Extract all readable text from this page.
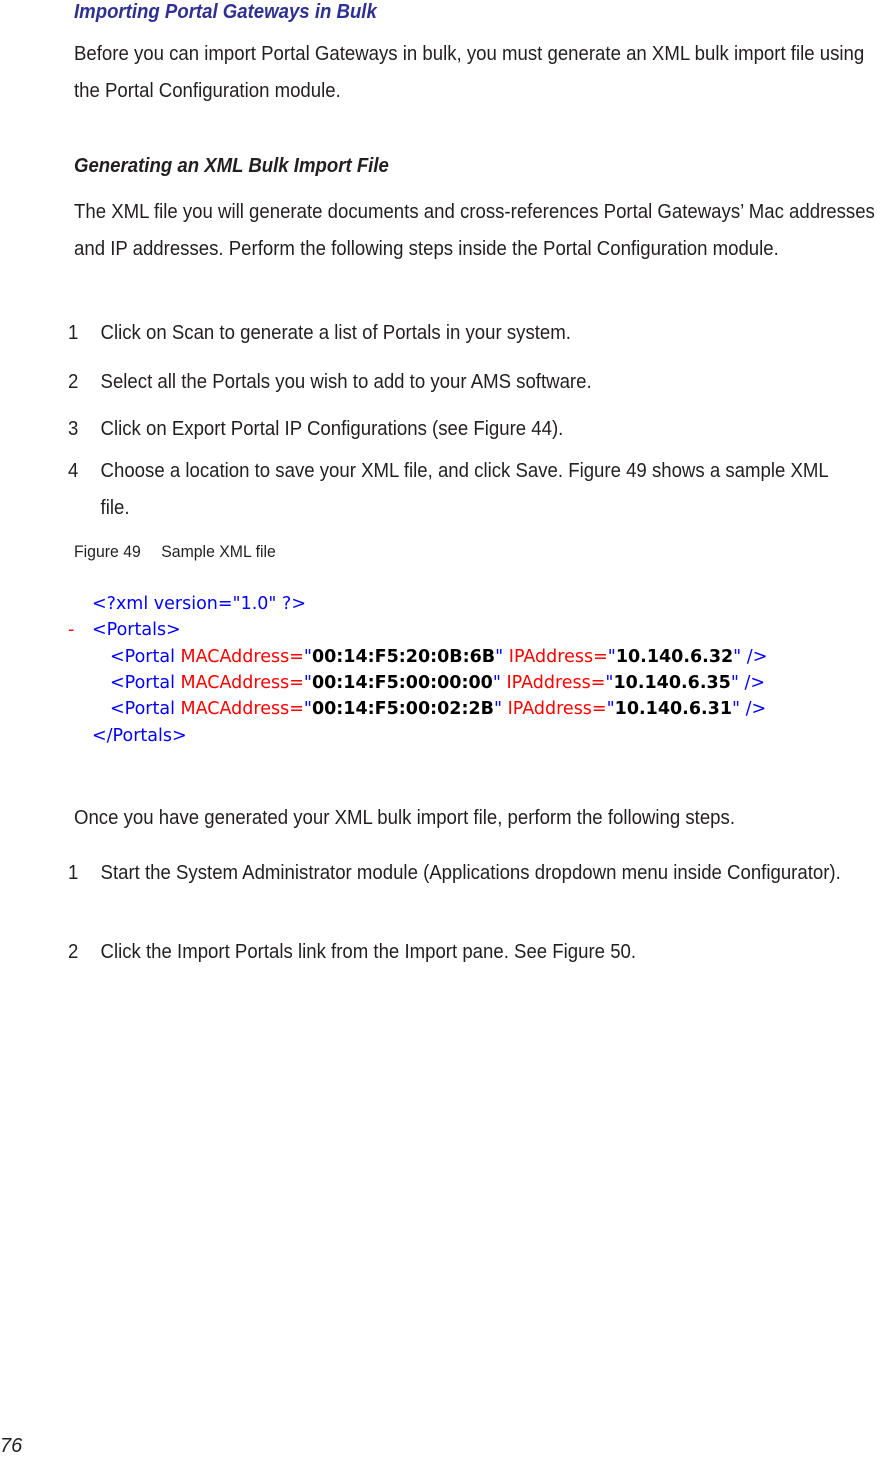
Importing Portal Gateways in Bulk

Before you can import Portal Gateways in bulk, you must generate an XML bulk import file using the Portal Configuration module.

Generating an XML Bulk Import File

The XML file you will generate documents and cross-references Portal Gateways’ Mac addresses and IP addresses. Perform the following steps inside the Portal Configuration module.

1	Click on Scan to generate a list of Portals in your system.
2	Select all the Portals you wish to add to your AMS software.
3	Click on Export Portal IP Configurations (see Figure 44).
4	Choose a location to save your XML file, and click Save. Figure 49 shows a sample XML file.
Figure 49 Sample XML file
<?xml version="1.0" ?>
- <Portals>
<Portal MACAddress="00:14:F5:20:0B:6B" IPAddress="10.140.6.32" />
<Portal MACAddress="00:14:F5:00:00:00" IPAddress="10.140.6.35" />
<Portal MACAddress="00:14:F5:00:02:2B" IPAddress="10.140.6.31" />
</Portals>

Once you have generated your XML bulk import file, perform the following steps.

1	Start the System Administrator module (Applications dropdown menu inside Configurator).
2	Click the Import Portals link from the Import pane. See Figure 50.
76
